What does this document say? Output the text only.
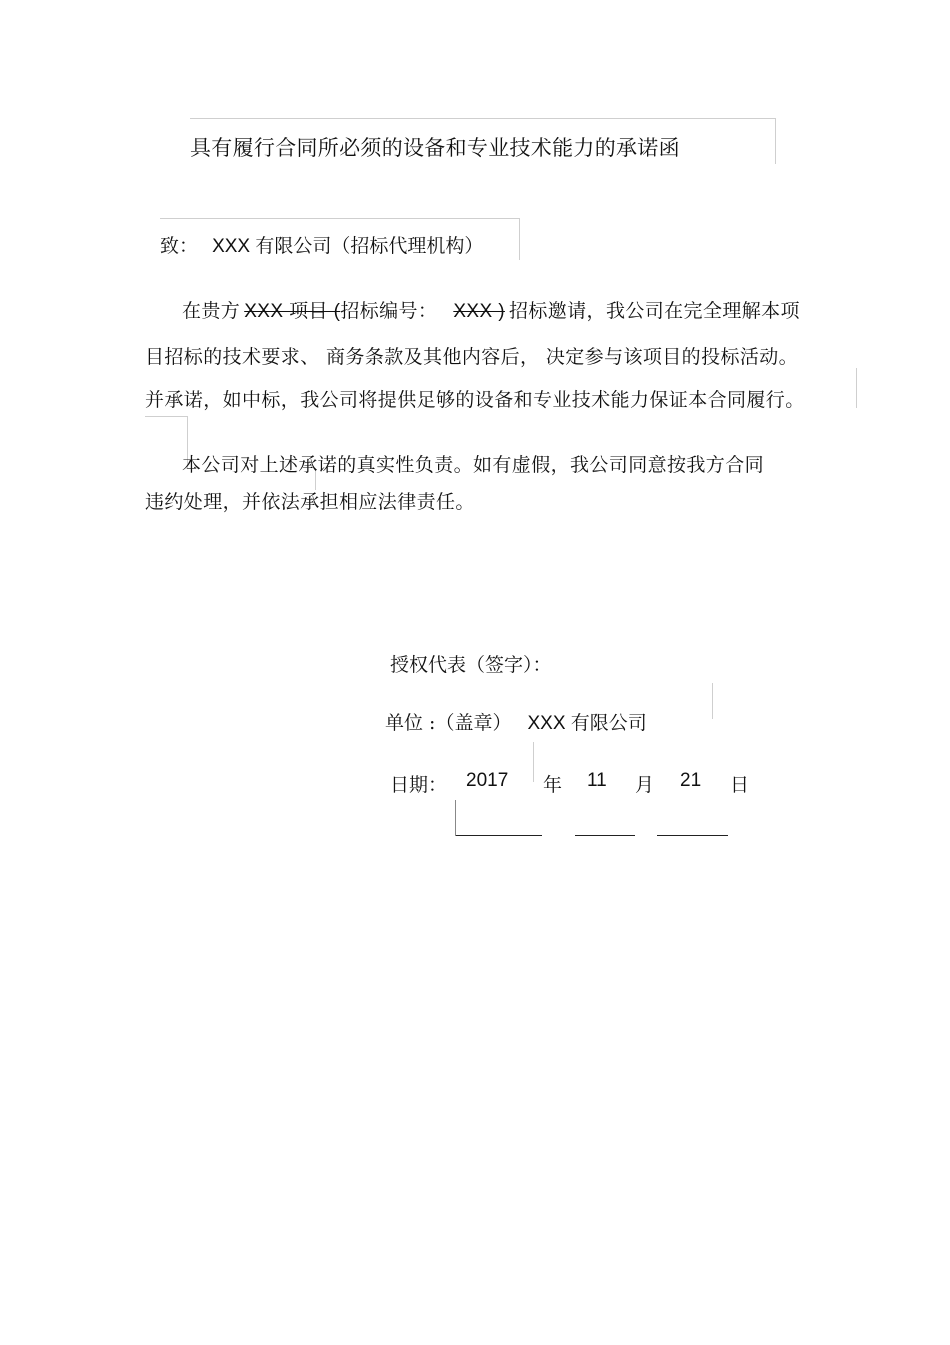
具有履行合同所必须的设备和专业技术能力的承诺函
致： XXX 有限公司（招标代理机构）
在贵方 XXX 项目 (招标编号： XXX ) 招标邀请，我公司在完全理解本项
目招标的技术要求、 商务条款及其他内容后， 决定参与该项目的投标活动。
并承诺，如中标，我公司将提供足够的设备和专业技术能力保证本合同履行。
本公司对上述承诺的真实性负责。如有虚假，我公司同意按我方合同
违约处理，并依法承担相应法律责任。
授权代表（签字）：
单位 :（盖章） XXX 有限公司
日期： 2017 年 11 月 21 日
